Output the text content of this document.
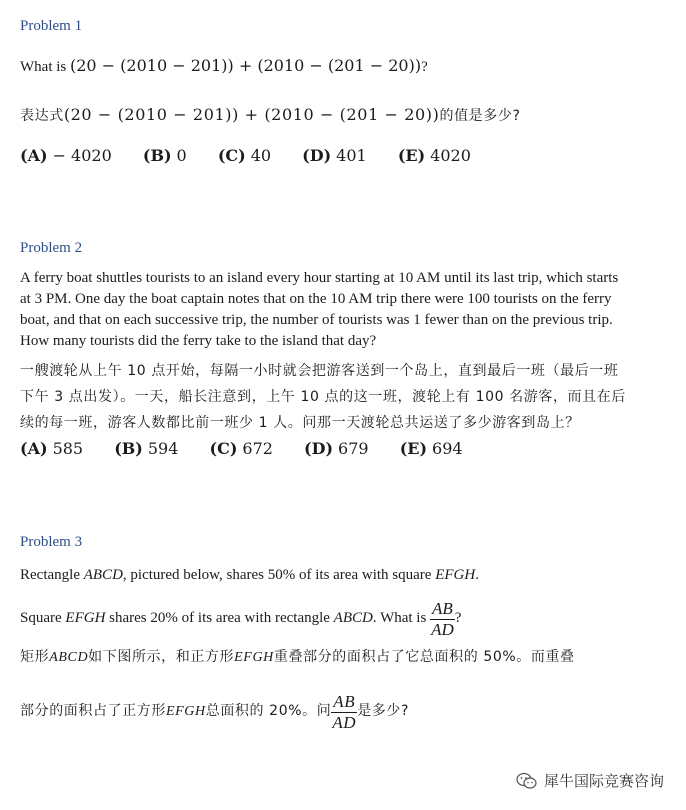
Problem 1
What is (20 − (2010 − 201)) + (2010 − (201 − 20))?
表达式(20 − (2010 − 201)) + (2010 − (201 − 20))的值是多少?
(A) − 4020 (B) 0 (C) 40 (D) 401 (E) 4020
Problem 2
A ferry boat shuttles tourists to an island every hour starting at 10 AM until its last trip, which starts
at 3 PM. One day the boat captain notes that on the 10 AM trip there were 100 tourists on the ferry
boat, and that on each successive trip, the number of tourists was 1 fewer than on the previous trip.
How many tourists did the ferry take to the island that day?
一艘渡轮从上午 10 点开始，每隔一小时就会把游客送到一个岛上，直到最后一班（最后一班
下午 3 点出发）。一天，船长注意到，上午 10 点的这一班，渡轮上有 100 名游客，而且在后
续的每一班，游客人数都比前一班少 1 人。问那一天渡轮总共运送了多少游客到岛上？
(A) 585 (B) 594 (C) 672 (D) 679 (E) 694
Problem 3
Rectangle ABCD, pictured below, shares 50% of its area with square EFGH.
Square EFGH shares 20% of its area with rectangle ABCD. What is $\frac{AB}{AD}$ ?
矩形ABCD如下图所示，和正方形EFGH重叠部分的面积占了它总面积的 50%。而重叠
部分的面积占了正方形EFGH总面积的 20%。问 $\frac{AB}{AD}$ 是多少?
犀牛国际竞赛咨询
